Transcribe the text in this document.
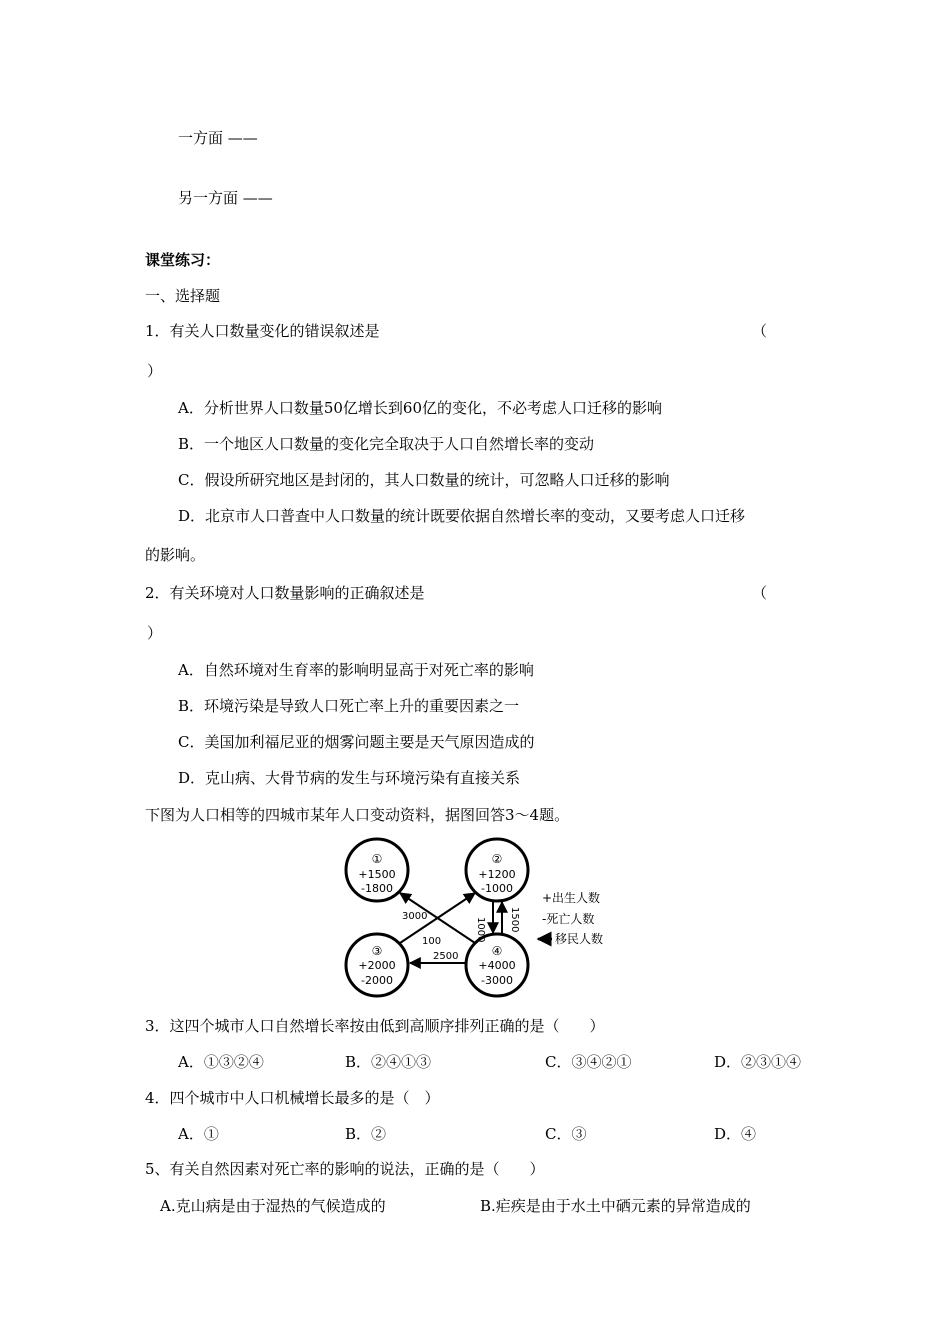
一方面 ——
另一方面 ——
课堂练习：
一、选择题
1．有关人口数量变化的错误叙述是	（
）
A．分析世界人口数量50亿增长到60亿的变化，不必考虑人口迁移的影响
B．一个地区人口数量的变化完全取决于人口自然增长率的变动
C．假设所研究地区是封闭的，其人口数量的统计，可忽略人口迁移的影响
D．北京市人口普查中人口数量的统计既要依据自然增长率的变动，又要考虑人口迁移
的影响。
2．有关环境对人口数量影响的正确叙述是	（
）
A．自然环境对生育率的影响明显高于对死亡率的影响
B．环境污染是导致人口死亡率上升的重要因素之一
C．美国加利福尼亚的烟雾问题主要是天气原因造成的
D．克山病、大骨节病的发生与环境污染有直接关系
下图为人口相等的四城市某年人口变动资料，据图回答3～4题。
①
+1500
-1800
②
+1200
-1000
③
+2000
-2000
④
+4000
-3000
3000
100	1000 1500
2500
+出生人数
-死亡人数
移民人数
3．这四个城市人口自然增长率按由低到高顺序排列正确的是（　　）
A．①③②④	B．②④①③	C．③④②①	D．②③①④
4．四个城市中人口机械增长最多的是（　）
A．①	B．②	C．③	D．④
5、有关自然因素对死亡率的影响的说法，正确的是（　　）
A.克山病是由于湿热的气候造成的	B.疟疾是由于水土中硒元素的异常造成的
